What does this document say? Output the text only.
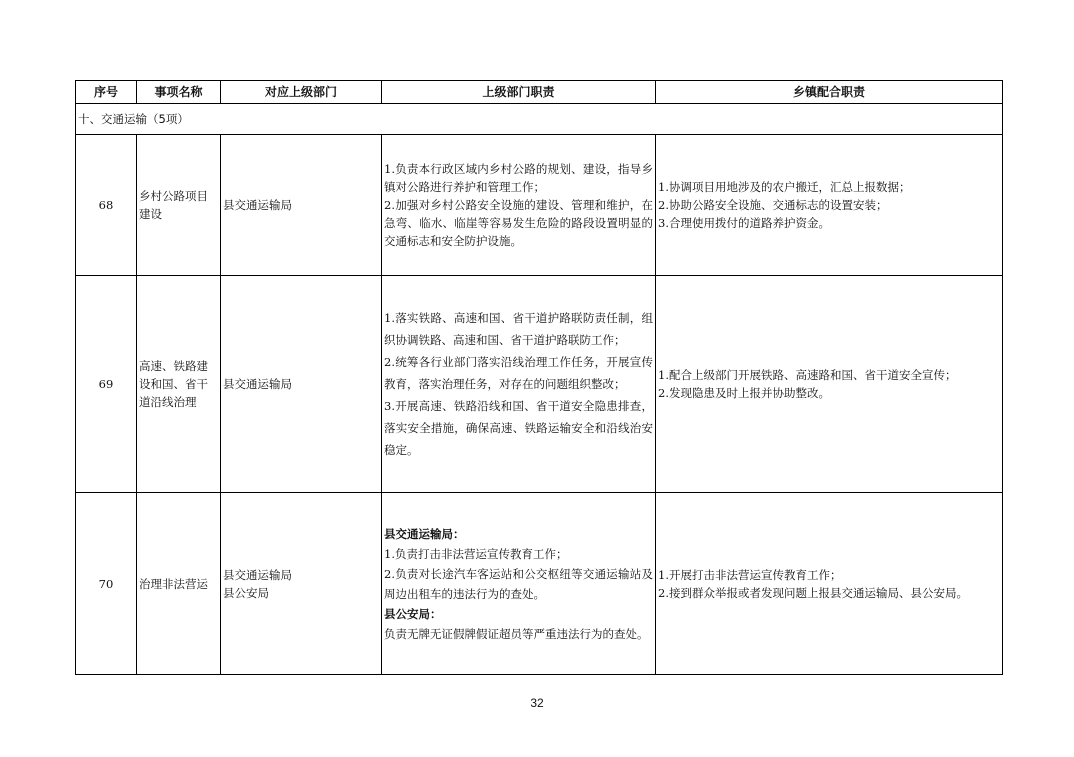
序号	事项名称	对应上级部门	上级部门职责	乡镇配合职责
十、交通运输（5项）				
68	乡村公路项目建设	县交通运输局	1.负责本行政区域内乡村公路的规划、建设，指导乡镇对公路进行养护和管理工作；
2.加强对乡村公路安全设施的建设、管理和维护，在急弯、临水、临崖等容易发生危险的路段设置明显的交通标志和安全防护设施。	1.协调项目用地涉及的农户搬迁，汇总上报数据；
2.协助公路安全设施、交通标志的设置安装；
3.合理使用拨付的道路养护资金。

69	高速、铁路建设和国、省干道沿线治理	县交通运输局	1.落实铁路、高速和国、省干道护路联防责任制，组织协调铁路、高速和国、省干道护路联防工作；
2.统筹各行业部门落实沿线治理工作任务，开展宣传教育，落实治理任务，对存在的问题组织整改；
3.开展高速、铁路沿线和国、省干道安全隐患排查，落实安全措施，确保高速、铁路运输安全和沿线治安稳定。	1.配合上级部门开展铁路、高速路和国、省干道安全宣传；
2.发现隐患及时上报并协助整改。

70	治理非法营运	县交通运输局
县公安局	县交通运输局：
1.负责打击非法营运宣传教育工作；
2.负责对长途汽车客运站和公交枢纽等交通运输站及周边出租车的违法行为的查处。
县公安局：
负责无牌无证假牌假证超员等严重违法行为的查处。	1.开展打击非法营运宣传教育工作；
2.接到群众举报或者发现问题上报县交通运输局、县公安局。
32
